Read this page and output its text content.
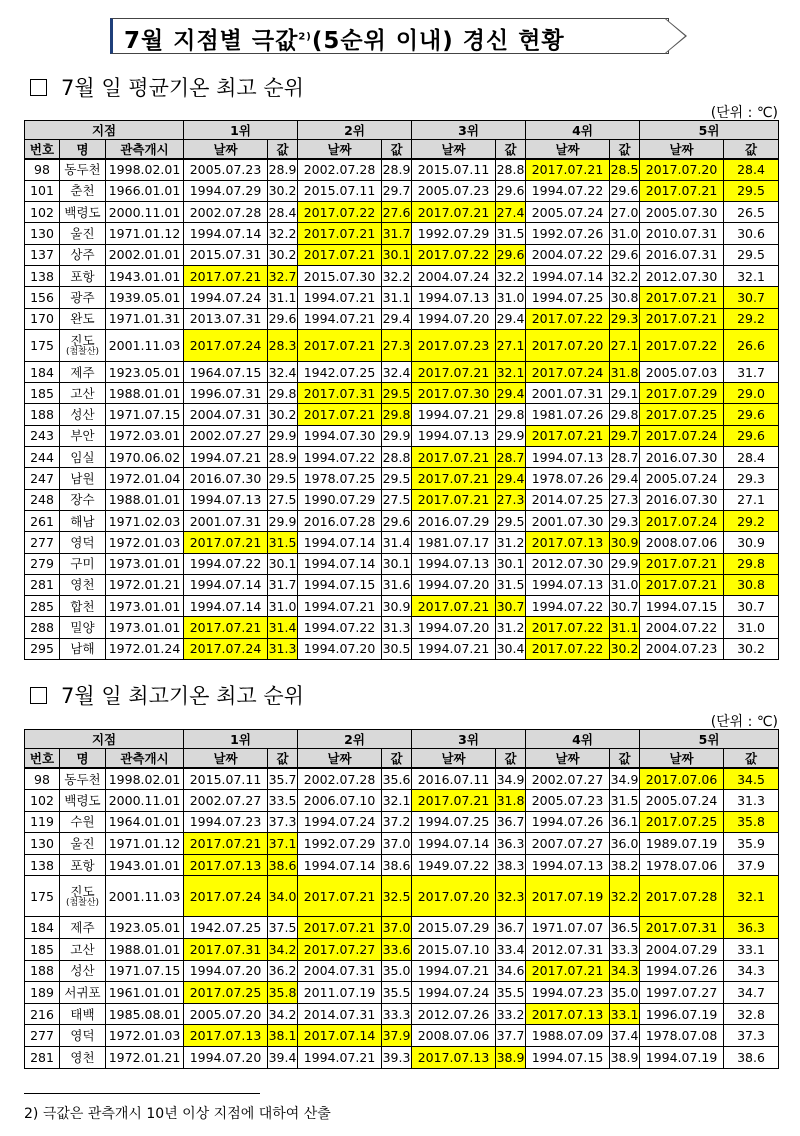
7월 지점별 극값$^{2)}$(5순위 이내) 경신 현황
7월 일 평균기온 최고 순위
(단위 : ℃)
지점			1위		2위		3위		4위		5위	
번호	명	관측개시	날짜	값	날짜	값	날짜	값	날짜	값	날짜	값
98	동두천	1998.02.01	2005.07.23	28.9	2002.07.28	28.9	2015.07.11	28.8	2017.07.21	28.5	2017.07.20	28.4
101	춘천	1966.01.01	1994.07.29	30.2	2015.07.11	29.7	2005.07.23	29.6	1994.07.22	29.6	2017.07.21	29.5
102	백령도	2000.11.01	2002.07.28	28.4	2017.07.22	27.6	2017.07.21	27.4	2005.07.24	27.0	2005.07.30	26.5
130	울진	1971.01.12	1994.07.14	32.2	2017.07.21	31.7	1992.07.29	31.5	1992.07.26	31.0	2010.07.31	30.6
137	상주	2002.01.01	2015.07.31	30.2	2017.07.21	30.1	2017.07.22	29.6	2004.07.22	29.6	2016.07.31	29.5
138	포항	1943.01.01	2017.07.21	32.7	2015.07.30	32.2	2004.07.24	32.2	1994.07.14	32.2	2012.07.30	32.1
156	광주	1939.05.01	1994.07.24	31.1	1994.07.21	31.1	1994.07.13	31.0	1994.07.25	30.8	2017.07.21	30.7
170	완도	1971.01.31	2013.07.31	29.6	1994.07.21	29.4	1994.07.20	29.4	2017.07.22	29.3	2017.07.21	29.2
175	진도
(첨찰산)	2001.11.03	2017.07.24	28.3	2017.07.21	27.3	2017.07.23	27.1	2017.07.20	27.1	2017.07.22	26.6
184	제주	1923.05.01	1964.07.15	32.4	1942.07.25	32.4	2017.07.21	32.1	2017.07.24	31.8	2005.07.03	31.7
185	고산	1988.01.01	1996.07.31	29.8	2017.07.31	29.5	2017.07.30	29.4	2001.07.31	29.1	2017.07.29	29.0
188	성산	1971.07.15	2004.07.31	30.2	2017.07.21	29.8	1994.07.21	29.8	1981.07.26	29.8	2017.07.25	29.6
243	부안	1972.03.01	2002.07.27	29.9	1994.07.30	29.9	1994.07.13	29.9	2017.07.21	29.7	2017.07.24	29.6
244	임실	1970.06.02	1994.07.21	28.9	1994.07.22	28.8	2017.07.21	28.7	1994.07.13	28.7	2016.07.30	28.4
247	남원	1972.01.04	2016.07.30	29.5	1978.07.25	29.5	2017.07.21	29.4	1978.07.26	29.4	2005.07.24	29.3
248	장수	1988.01.01	1994.07.13	27.5	1990.07.29	27.5	2017.07.21	27.3	2014.07.25	27.3	2016.07.30	27.1
261	해남	1971.02.03	2001.07.31	29.9	2016.07.28	29.6	2016.07.29	29.5	2001.07.30	29.3	2017.07.24	29.2
277	영덕	1972.01.03	2017.07.21	31.5	1994.07.14	31.4	1981.07.17	31.2	2017.07.13	30.9	2008.07.06	30.9
279	구미	1973.01.01	1994.07.22	30.1	1994.07.14	30.1	1994.07.13	30.1	2012.07.30	29.9	2017.07.21	29.8
281	영천	1972.01.21	1994.07.14	31.7	1994.07.15	31.6	1994.07.20	31.5	1994.07.13	31.0	2017.07.21	30.8
285	합천	1973.01.01	1994.07.14	31.0	1994.07.21	30.9	2017.07.21	30.7	1994.07.22	30.7	1994.07.15	30.7
288	밀양	1973.01.01	2017.07.21	31.4	1994.07.22	31.3	1994.07.20	31.2	2017.07.22	31.1	2004.07.22	31.0
295	남해	1972.01.24	2017.07.24	31.3	1994.07.20	30.5	1994.07.21	30.4	2017.07.22	30.2	2004.07.23	30.2
7월 일 최고기온 최고 순위
(단위 : ℃)
지점			1위		2위		3위		4위		5위	
번호	명	관측개시	날짜	값	날짜	값	날짜	값	날짜	값	날짜	값
98	동두천	1998.02.01	2015.07.11	35.7	2002.07.28	35.6	2016.07.11	34.9	2002.07.27	34.9	2017.07.06	34.5
102	백령도	2000.11.01	2002.07.27	33.5	2006.07.10	32.1	2017.07.21	31.8	2005.07.23	31.5	2005.07.24	31.3
119	수원	1964.01.01	1994.07.23	37.3	1994.07.24	37.2	1994.07.25	36.7	1994.07.26	36.1	2017.07.25	35.8
130	울진	1971.01.12	2017.07.21	37.1	1992.07.29	37.0	1994.07.14	36.3	2007.07.27	36.0	1989.07.19	35.9
138	포항	1943.01.01	2017.07.13	38.6	1994.07.14	38.6	1949.07.22	38.3	1994.07.13	38.2	1978.07.06	37.9
175	진도
(첨찰산)	2001.11.03	2017.07.24	34.0	2017.07.21	32.5	2017.07.20	32.3	2017.07.19	32.2	2017.07.28	32.1
184	제주	1923.05.01	1942.07.25	37.5	2017.07.21	37.0	2015.07.29	36.7	1971.07.07	36.5	2017.07.31	36.3
185	고산	1988.01.01	2017.07.31	34.2	2017.07.27	33.6	2015.07.10	33.4	2012.07.31	33.3	2004.07.29	33.1
188	성산	1971.07.15	1994.07.20	36.2	2004.07.31	35.0	1994.07.21	34.6	2017.07.21	34.3	1994.07.26	34.3
189	서귀포	1961.01.01	2017.07.25	35.8	2011.07.19	35.5	1994.07.24	35.5	1994.07.23	35.0	1997.07.27	34.7
216	태백	1985.08.01	2005.07.20	34.2	2014.07.31	33.3	2012.07.26	33.2	2017.07.13	33.1	1996.07.19	32.8
277	영덕	1972.01.03	2017.07.13	38.1	2017.07.14	37.9	2008.07.06	37.7	1988.07.09	37.4	1978.07.08	37.3
281	영천	1972.01.21	1994.07.20	39.4	1994.07.21	39.3	2017.07.13	38.9	1994.07.15	38.9	1994.07.19	38.6
2) 극값은 관측개시 10년 이상 지점에 대하여 산출
